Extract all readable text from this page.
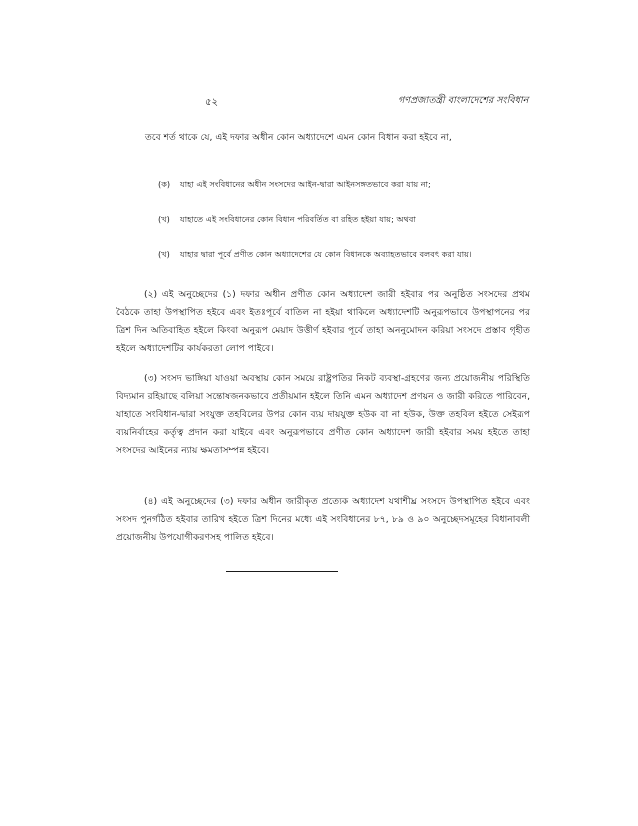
৫২	গণপ্রজাতন্ত্রী বাংলাদেশের সংবিধান
তবে শর্ত থাকে যে, এই দফার অধীন কোন অধ্যাদেশে এমন কোন বিধান করা হইবে না,
(ক) যাহা এই সংবিধানের অধীন সংসদের আইন-দ্বারা আইনসঙ্গতভাবে করা যায় না;
(খ) যাহাতে এই সংবিধানের কোন বিধান পরিবর্তিত বা রহিত হইয়া যায়; অথবা
(খ) যাহার দ্বারা পূর্বে প্রণীত কোন অধ্যাদেশের যে কোন বিধানকে অব্যাহতভাবে বলবৎ করা যায়।
(২) এই অনুচ্ছেদের (১) দফার অধীন প্রণীত কোন অধ্যাদেশ জারী হইবার পর অনুষ্ঠিত সংসদের প্রথম বৈঠকে তাহা উপস্থাপিত হইবে এবং ইতঃপূর্বে বাতিল না হইয়া থাকিলে অধ্যাদেশটি অনুরূপভাবে উপস্থাপনের পর ত্রিশ দিন অতিবাহিত হইলে কিংবা অনুরূপ মেয়াদ উত্তীর্ণ হইবার পূর্বে তাহা অননুমোদন করিয়া সংসদে প্রস্তাব গৃহীত হইলে অধ্যাদেশটির কার্যকরতা লোপ পাইবে।
(৩) সংসদ ভাঙ্গিয়া যাওয়া অবস্থায় কোন সময়ে রাষ্ট্রপতির নিকট ব্যবস্থা-গ্রহণের জন্য প্রয়োজনীয় পরিস্থিতি বিদ্যমান রহিয়াছে বলিয়া সন্তোষজনকভাবে প্রতীয়মান হইলে তিনি এমন অধ্যাদেশ প্রণয়ন ও জারী করিতে পারিবেন, যাহাতে সংবিধান-দ্বারা সংযুক্ত তহবিলের উপর কোন ব্যয় দায়যুক্ত হউক বা না হউক, উক্ত তহবিল হইতে সেইরূপ ব্যয়নির্বাহের কর্তৃত্ব প্রদান করা যাইবে এবং অনুরূপভাবে প্রণীত কোন অধ্যাদেশ জারী হইবার সময় হইতে তাহা সংসদের আইনের ন্যায় ক্ষমতাসম্পন্ন হইবে।
(৪) এই অনুচ্ছেদের (৩) দফার অধীন জারীকৃত প্রত্যেক অধ্যাদেশ যথাশীঘ্র সংসদে উপস্থাপিত হইবে এবং সংসদ পুনর্গঠিত হইবার তারিখ হইতে ত্রিশ দিনের মধ্যে এই সংবিধানের ৮৭, ৮৯ ও ৯০ অনুচ্ছেদসমূহের বিধানাবলী প্রয়োজনীয় উপযোগীকরণসহ পালিত হইবে।
